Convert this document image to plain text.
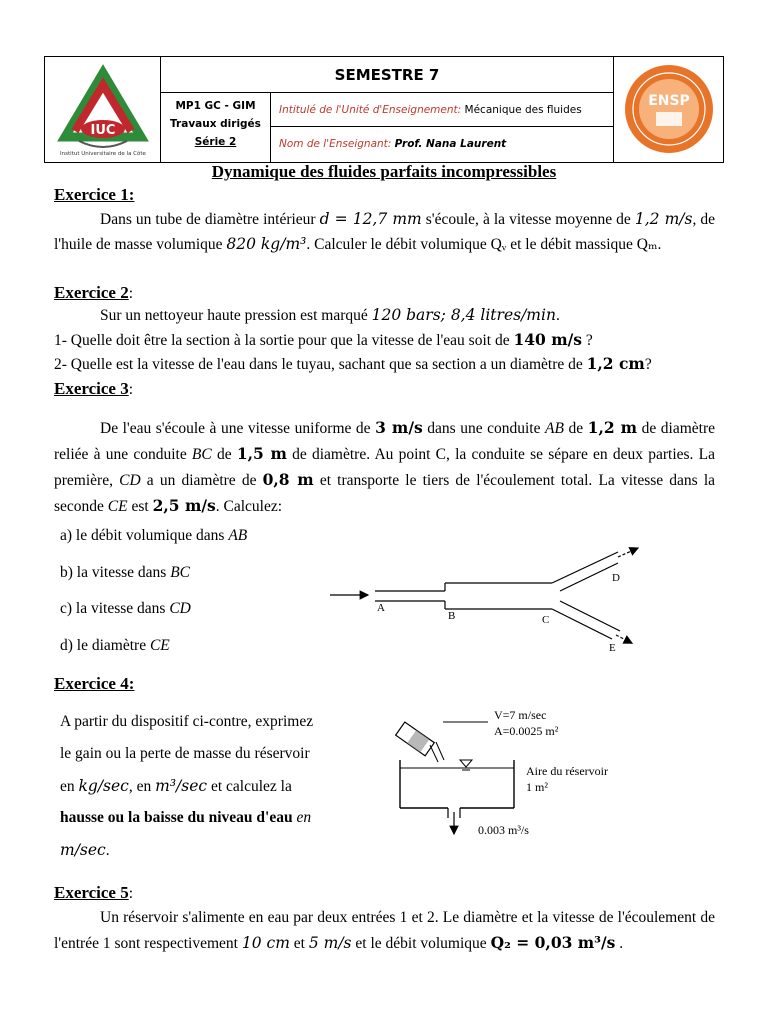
IUC
Institut Universitaire de la Côte
SEMESTRE 7
MP1 GC - GIM
Travaux dirigés
Série 2
Intitulé de l'Unité d'Enseignement: Mécanique des fluides
Nom de l'Enseignant: Prof. Nana Laurent
ENSP
Dynamique des fluides parfaits incompressibles
Exercice 1:
Dans un tube de diamètre intérieur d = 12,7 mm s'écoule, à la vitesse moyenne de 1,2 m/s, de l'huile de masse volumique 820 kg/m³. Calculer le débit volumique Qᵥ et le débit massique Qₘ.
Exercice 2:
Sur un nettoyeur haute pression est marqué 120 bars; 8,4 litres/min.
1- Quelle doit être la section à la sortie pour que la vitesse de l'eau soit de 140 m/s ?
2- Quelle est la vitesse de l'eau dans le tuyau, sachant que sa section a un diamètre de 1,2 cm?
Exercice 3:
De l'eau s'écoule à une vitesse uniforme de 3 m/s dans une conduite AB de 1,2 m de diamètre reliée à une conduite BC de 1,5 m de diamètre. Au point C, la conduite se sépare en deux parties. La première, CD a un diamètre de 0,8 m et transporte le tiers de l'écoulement total. La vitesse dans la seconde CE est 2,5 m/s. Calculez:
a) le débit volumique dans AB
b) la vitesse dans BC
c) la vitesse dans CD
d) le diamètre CE
A
B	C
D
E
Exercice 4:
A partir du dispositif ci-contre, exprimez
le gain ou la perte de masse du réservoir
en kg/sec, en m³/sec et calculez la
hausse ou la baisse du niveau d'eau en
m/sec.
V=7 m/sec
A=0.0025 m²
Aire du réservoir
1 m²
0.003 m³/s
Exercice 5:
Un réservoir s'alimente en eau par deux entrées 1 et 2. Le diamètre et la vitesse de l'écoulement de l'entrée 1 sont respectivement 10 cm et 5 m/s et le débit volumique Q₂ = 0,03 m³/s .
